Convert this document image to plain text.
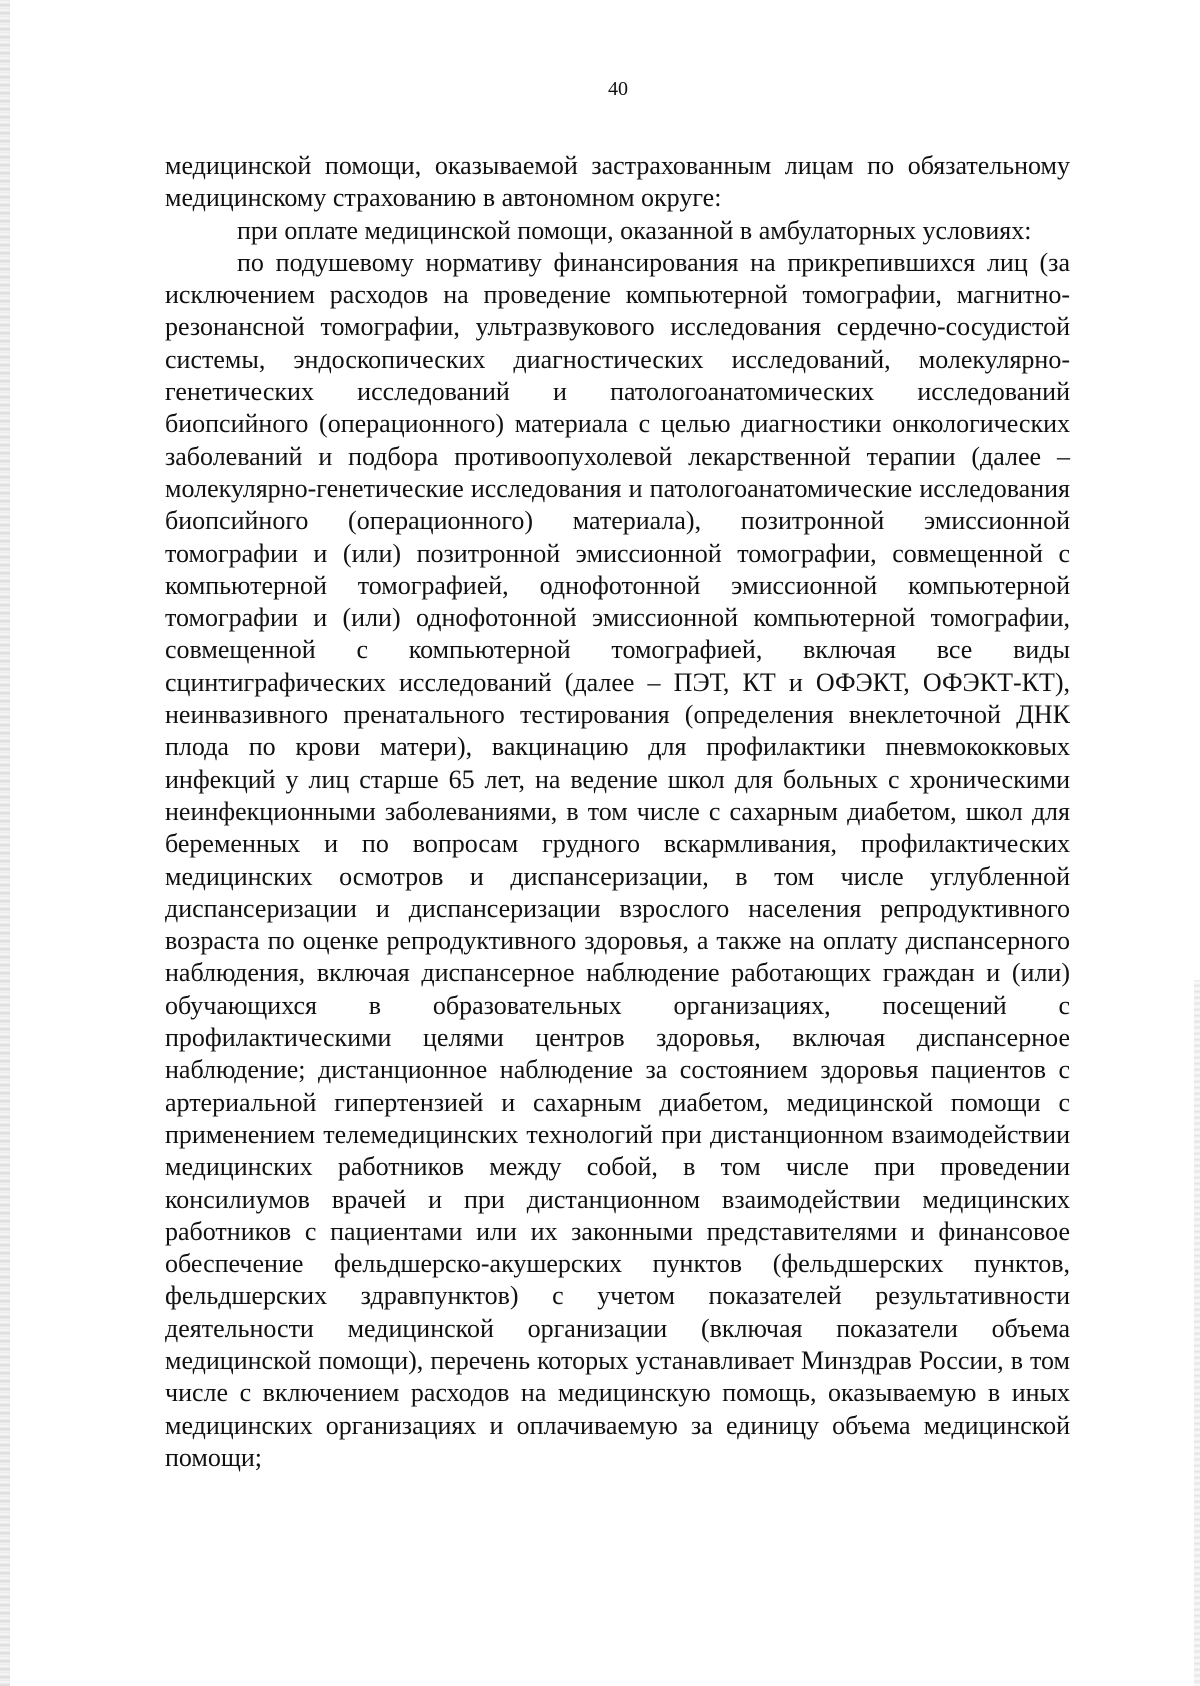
40

медицинской помощи, оказываемой застрахованным лицам по обязательному медицинскому страхованию в автономном округе:

при оплате медицинской помощи, оказанной в амбулаторных условиях:

по подушевому нормативу финансирования на прикрепившихся лиц (за исключением расходов на проведение компьютерной томографии, магнитно-резонансной томографии, ультразвукового исследования сердечно-сосудистой системы, эндоскопических диагностических исследований, молекулярно-генетических исследований и патологоанатомических исследований биопсийного (операционного) материала с целью диагностики онкологических заболеваний и подбора противоопухолевой лекарственной терапии (далее – молекулярно-генетические исследования и патологоанатомические исследования биопсийного (операционного) материала), позитронной эмиссионной томографии и (или) позитронной эмиссионной томографии, совмещенной с компьютерной томографией, однофотонной эмиссионной компьютерной томографии и (или) однофотонной эмиссионной компьютерной томографии, совмещенной с компьютерной томографией, включая все виды сцинтиграфических исследований (далее – ПЭТ, КТ и ОФЭКТ, ОФЭКТ-КТ), неинвазивного пренатального тестирования (определения внеклеточной ДНК плода по крови матери), вакцинацию для профилактики пневмококковых инфекций у лиц старше 65 лет, на ведение школ для больных с хроническими неинфекционными заболеваниями, в том числе с сахарным диабетом, школ для беременных и по вопросам грудного вскармливания, профилактических медицинских осмотров и диспансеризации, в том числе углубленной диспансеризации и диспансеризации взрослого населения репродуктивного возраста по оценке репродуктивного здоровья, а также на оплату диспансерного наблюдения, включая диспансерное наблюдение работающих граждан и (или) обучающихся в образовательных организациях, посещений с профилактическими целями центров здоровья, включая диспансерное наблюдение; дистанционное наблюдение за состоянием здоровья пациентов с артериальной гипертензией и сахарным диабетом, медицинской помощи с применением телемедицинских технологий при дистанционном взаимодействии медицинских работников между собой, в том числе при проведении консилиумов врачей и при дистанционном взаимодействии медицинских работников с пациентами или их законными представителями и финансовое обеспечение фельдшерско-акушерских пунктов (фельдшерских пунктов, фельдшерских здравпунктов) с учетом показателей результативности деятельности медицинской организации (включая показатели объема медицинской помощи), перечень которых устанавливает Минздрав России, в том числе с включением расходов на медицинскую помощь, оказываемую в иных медицинских организациях и оплачиваемую за единицу объема медицинской помощи;
